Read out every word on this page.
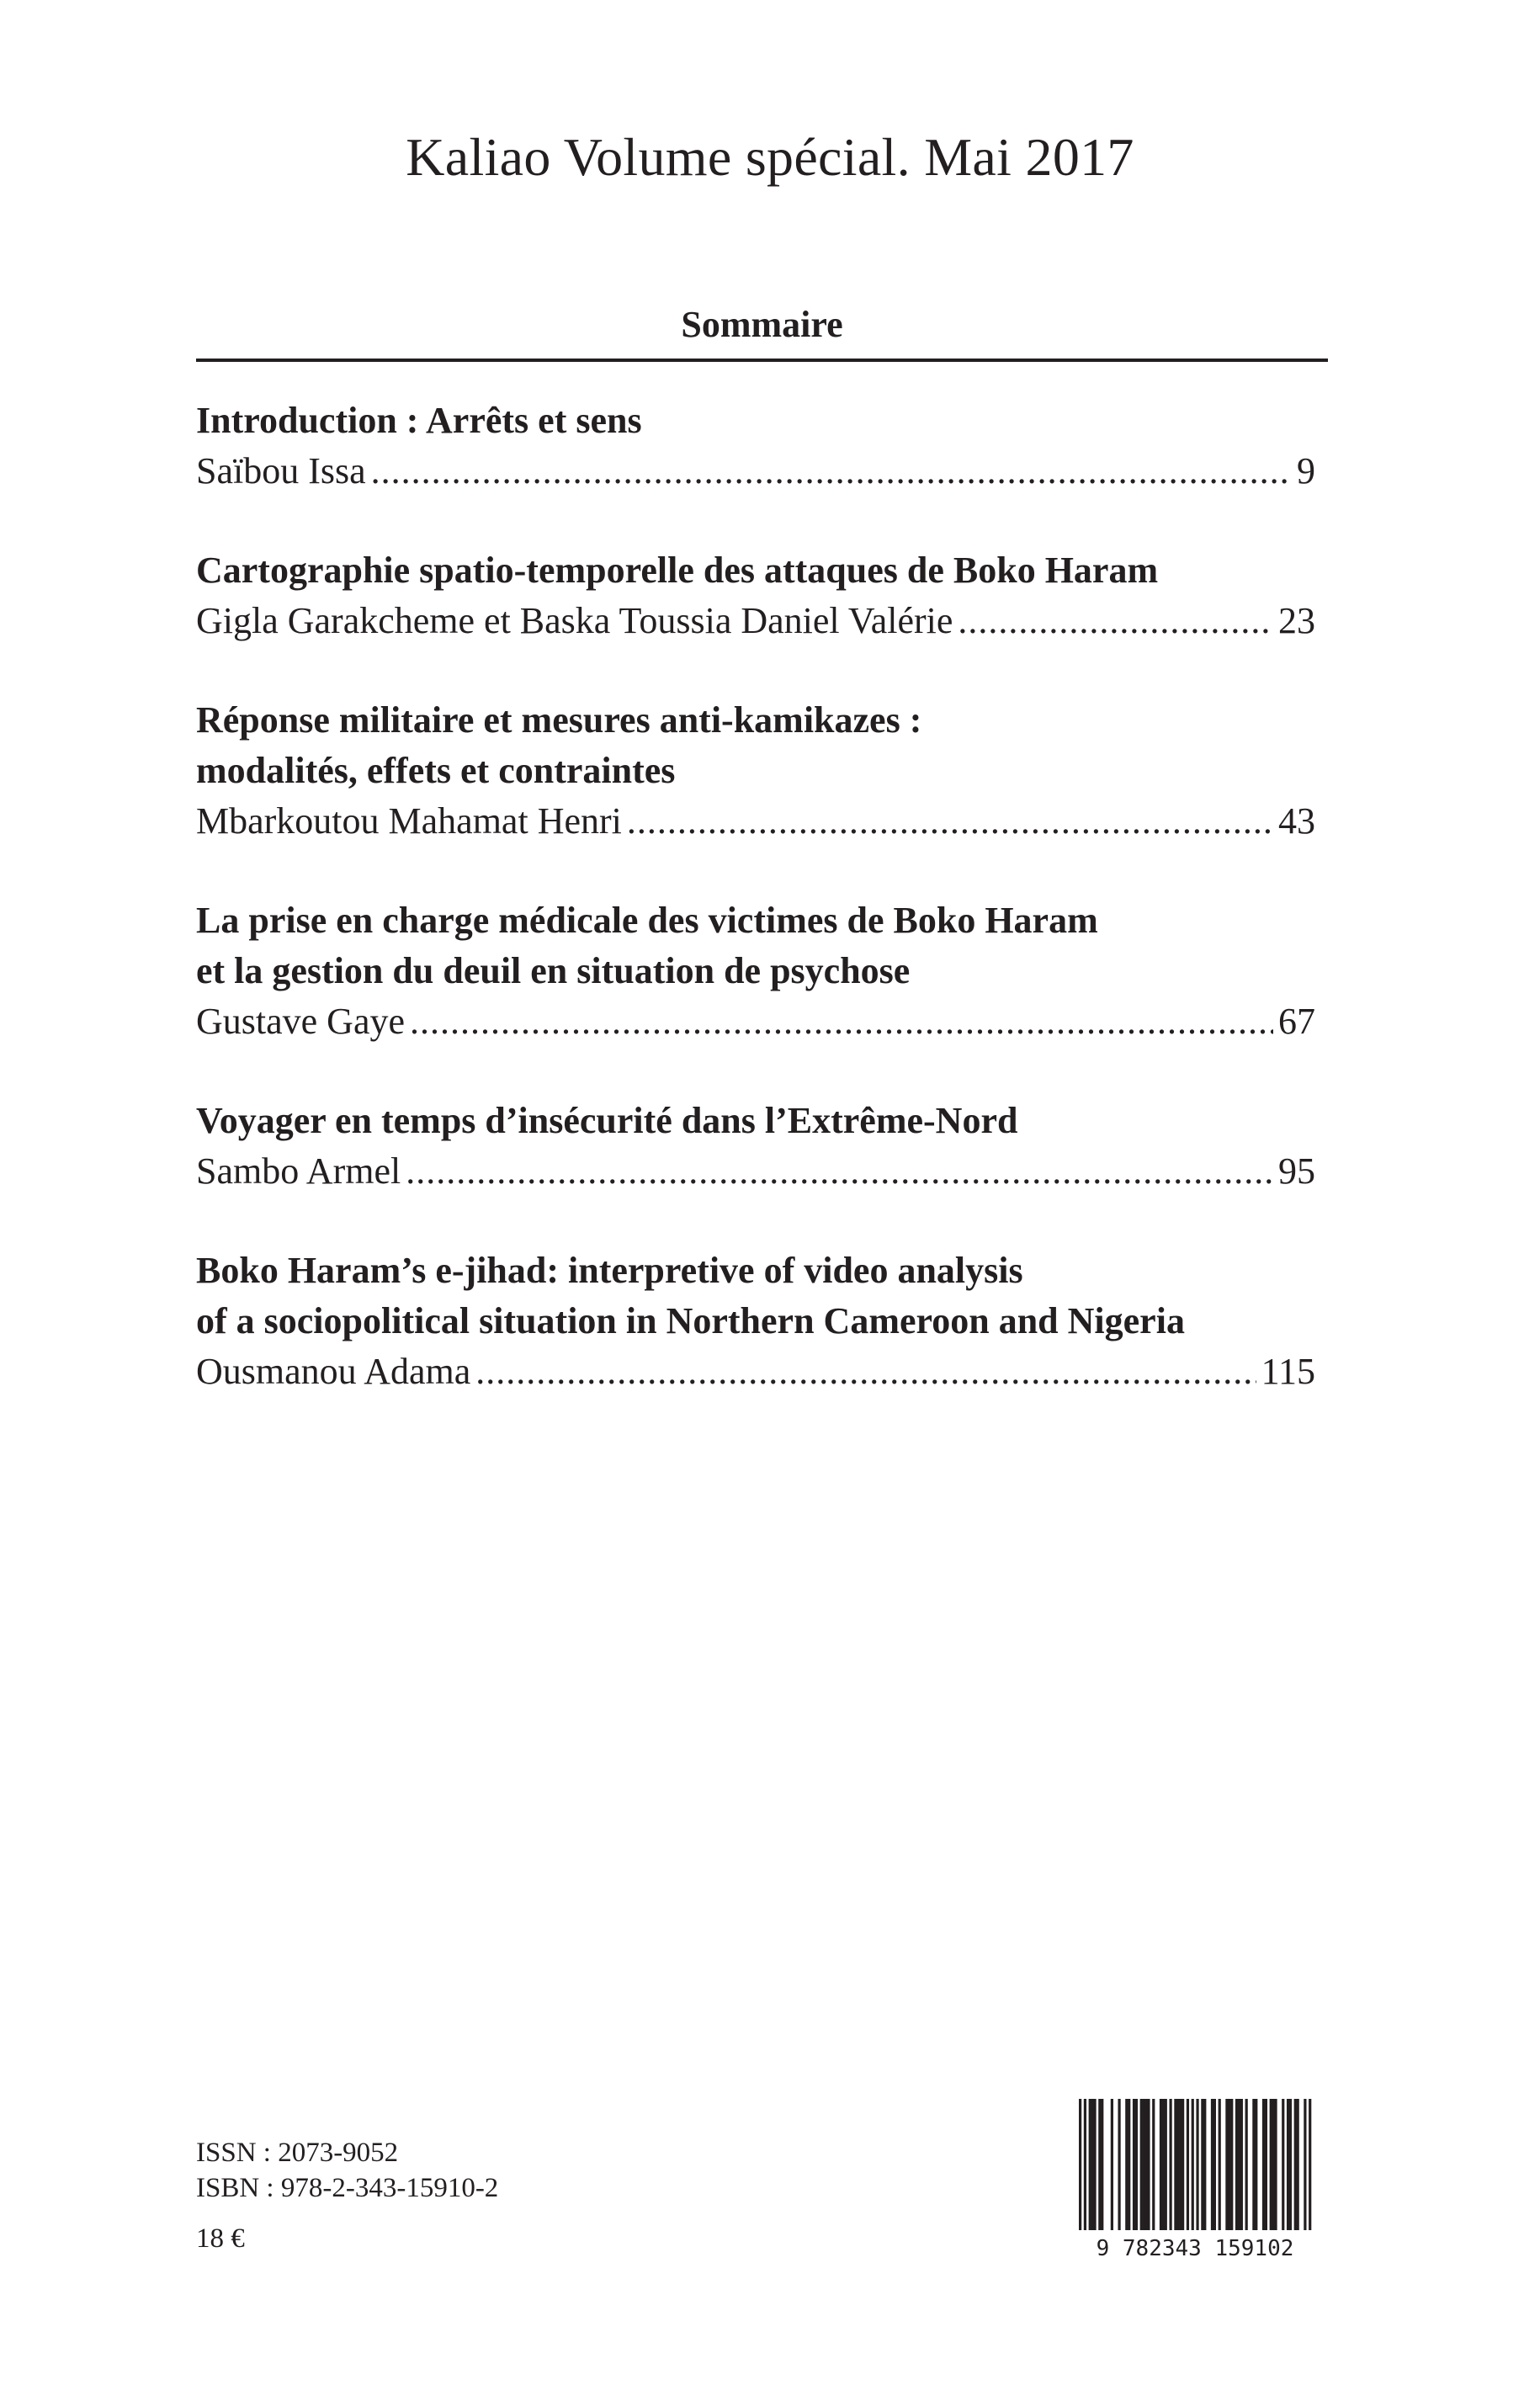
Kaliao Volume spécial. Mai 2017
Sommaire

Introduction : Arrêts et sens

Saïbou Issa .....	9

Cartographie spatio-temporelle des attaques de Boko Haram

Gigla Garakcheme et Baska Toussia Daniel Valérie .....	23

Réponse militaire et mesures anti-kamikazes :

modalités, effets et contraintes

Mbarkoutou Mahamat Henri .....	43

La prise en charge médicale des victimes de Boko Haram

et la gestion du deuil en situation de psychose

Gustave Gaye .....	67

Voyager en temps d’insécurité dans l’Extrême-Nord

Sambo Armel .....	95

Boko Haram’s e-jihad: interpretive of video analysis

of a sociopolitical situation in Northern Cameroon and Nigeria

Ousmanou Adama .....	115
ISSN : 2073-9052
ISBN : 978-2-343-15910-2
18 €	9 782343 159102
